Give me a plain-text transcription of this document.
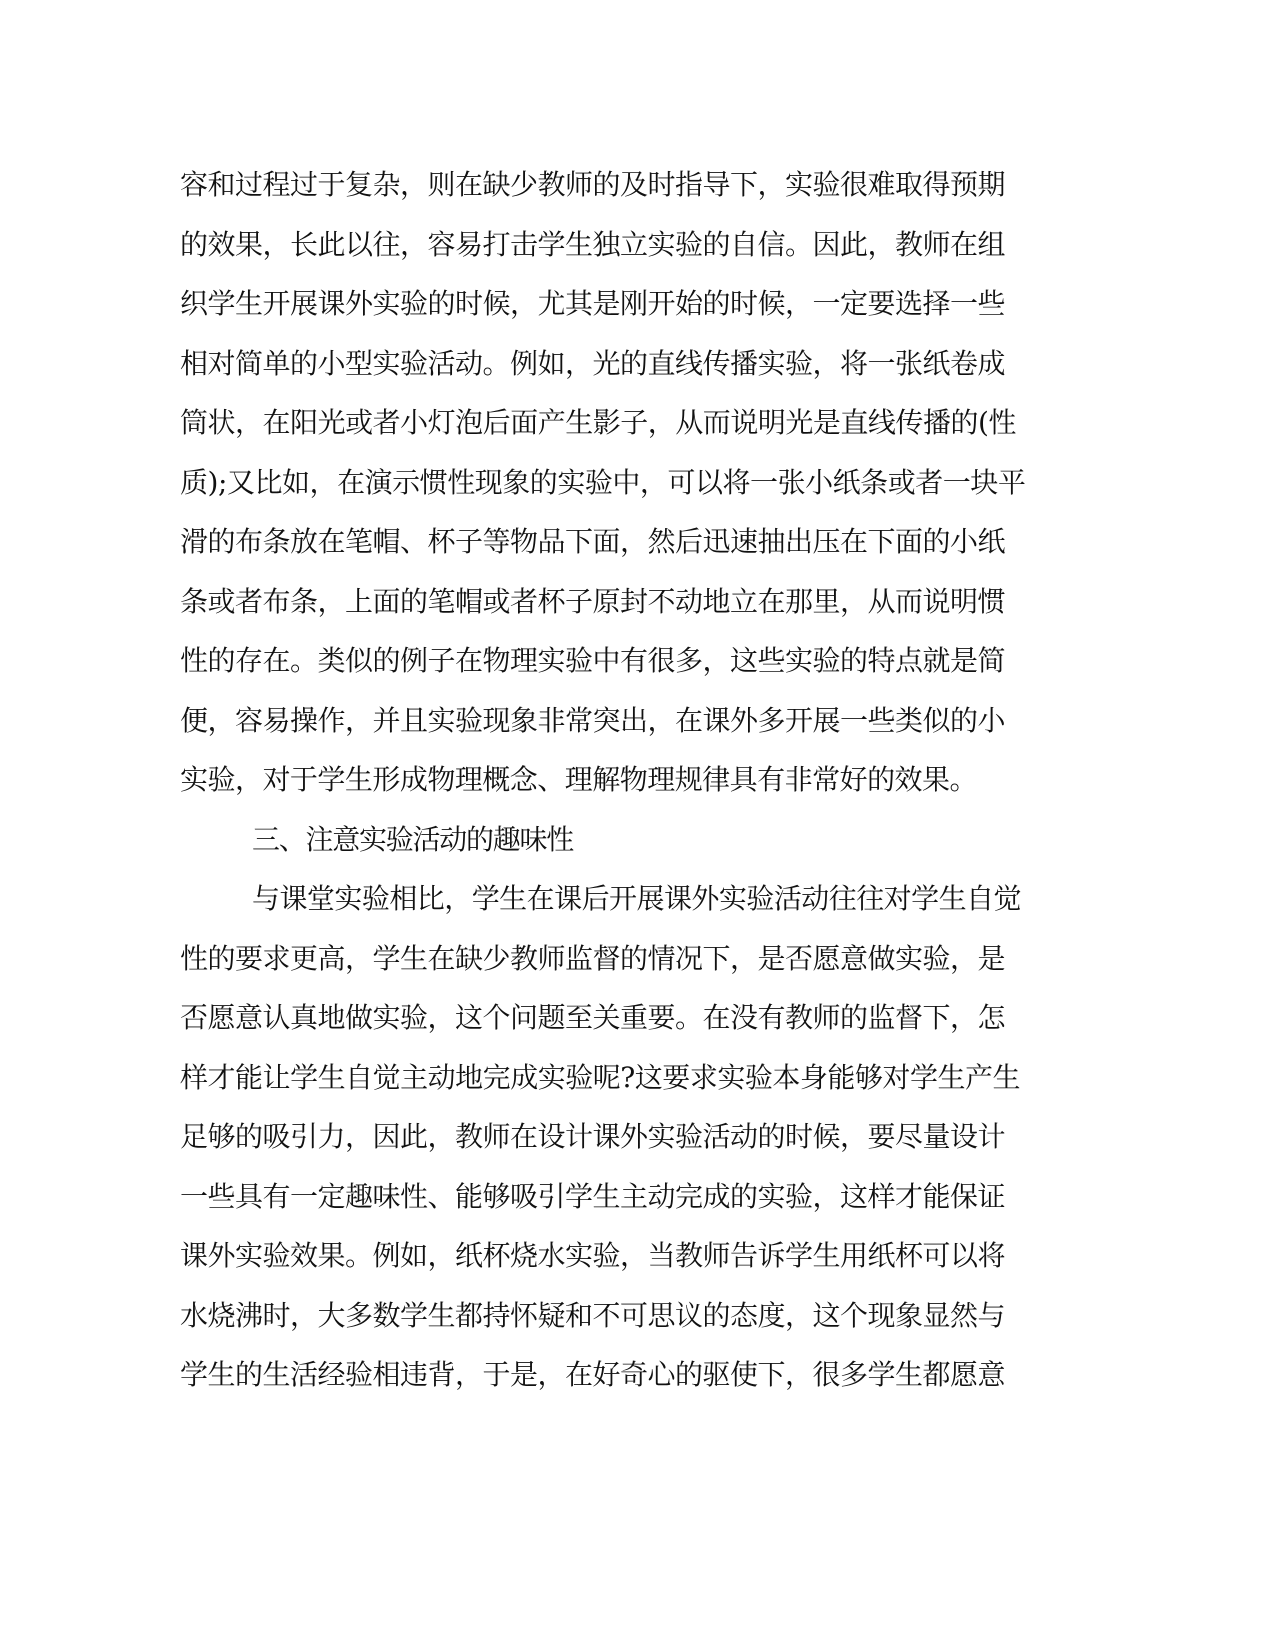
容和过程过于复杂，则在缺少教师的及时指导下，实验很难取得预期
的效果，长此以往，容易打击学生独立实验的自信。因此，教师在组
织学生开展课外实验的时候，尤其是刚开始的时候，一定要选择一些
相对简单的小型实验活动。例如，光的直线传播实验，将一张纸卷成
筒状，在阳光或者小灯泡后面产生影子，从而说明光是直线传播的(性
质);又比如，在演示惯性现象的实验中，可以将一张小纸条或者一块平
滑的布条放在笔帽、杯子等物品下面，然后迅速抽出压在下面的小纸
条或者布条，上面的笔帽或者杯子原封不动地立在那里，从而说明惯
性的存在。类似的例子在物理实验中有很多，这些实验的特点就是简
便，容易操作，并且实验现象非常突出，在课外多开展一些类似的小
实验，对于学生形成物理概念、理解物理规律具有非常好的效果。
三、注意实验活动的趣味性
与课堂实验相比，学生在课后开展课外实验活动往往对学生自觉
性的要求更高，学生在缺少教师监督的情况下，是否愿意做实验，是
否愿意认真地做实验，这个问题至关重要。在没有教师的监督下，怎
样才能让学生自觉主动地完成实验呢?这要求实验本身能够对学生产生
足够的吸引力，因此，教师在设计课外实验活动的时候，要尽量设计
一些具有一定趣味性、能够吸引学生主动完成的实验，这样才能保证
课外实验效果。例如，纸杯烧水实验，当教师告诉学生用纸杯可以将
水烧沸时，大多数学生都持怀疑和不可思议的态度，这个现象显然与
学生的生活经验相违背，于是，在好奇心的驱使下，很多学生都愿意
